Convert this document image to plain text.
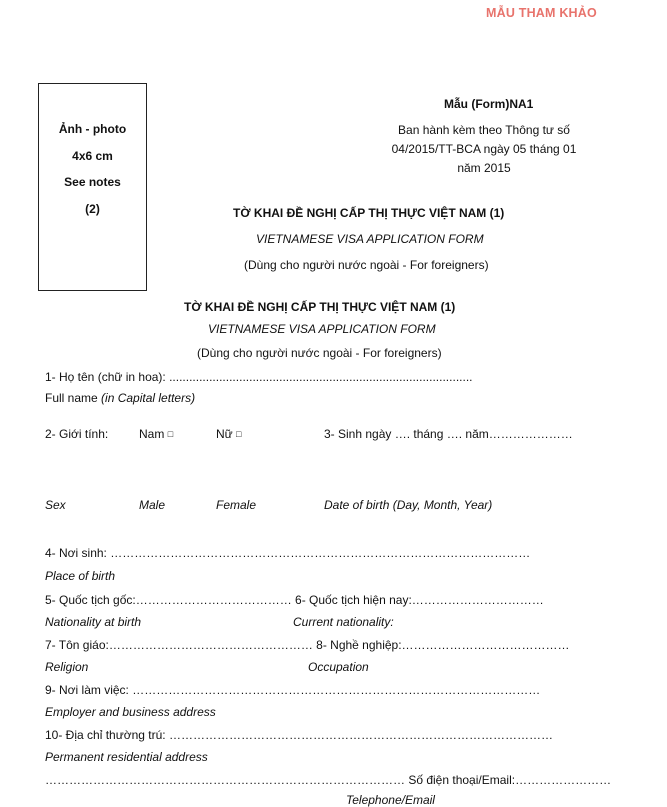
MẪU THAM KHẢO
Ảnh - photo
4x6 cm
See notes
(2)
Mẫu (Form)NA1
Ban hành kèm theo Thông tư số
04/2015/TT-BCA ngày 05 tháng 01
năm 2015
TỜ KHAI ĐỀ NGHỊ CẤP THỊ THỰC VIỆT NAM (1)
VIETNAMESE VISA APPLICATION FORM
(Dùng cho người nước ngoài - For foreigners)
TỜ KHAI ĐỀ NGHỊ CẤP THỊ THỰC VIỆT NAM (1)
VIETNAMESE VISA APPLICATION FORM
(Dùng cho người nước ngoài - For foreigners)
1- Họ tên (chữ in hoa): ...........................................................................................
Full name (in Capital letters)
2- Giới tính:	Nam □	Nữ □	3- Sinh ngày …. tháng …. năm…………………
Sex	Male	Female	Date of birth (Day, Month, Year)
4- Nơi sinh: ……………………………………………………………………………………………
Place of birth
5- Quốc tịch gốc:………………………………… 6- Quốc tịch hiện nay:……………………………
Nationality at birth	Current nationality:
7- Tôn giáo:…………………………………………… 8- Nghề nghiệp:……………………………………
Religion	Occupation
9- Nơi làm việc: …………………………………………………………………………………………
Employer and business address
10- Địa chỉ thường trú: ……………………………………………………………………………………
Permanent residential address
……………………………………………………………………………… Số điện thoại/Email:……………………
Telephone/Email
